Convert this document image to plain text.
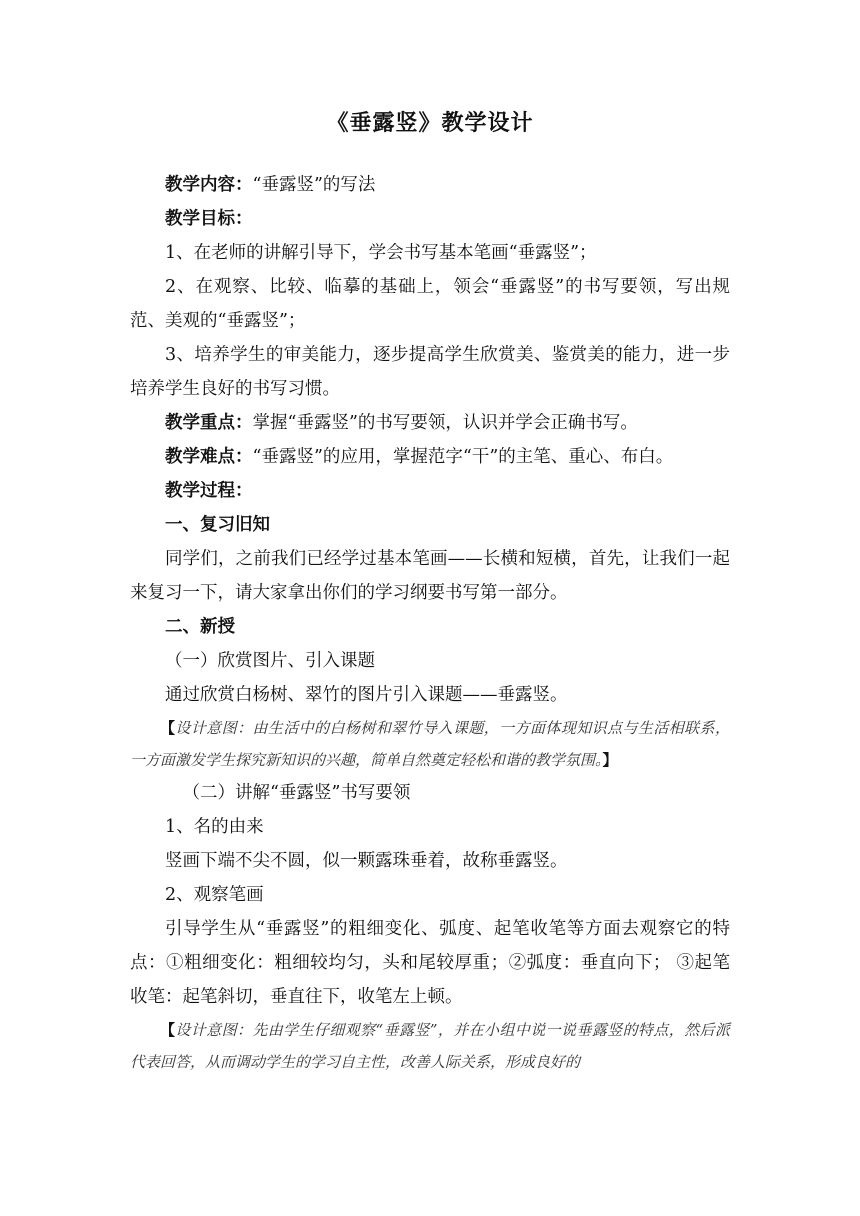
《垂露竖》教学设计

教学内容：“垂露竖”的写法

教学目标：

1、在老师的讲解引导下，学会书写基本笔画“垂露竖”；

2、在观察、比较、临摹的基础上，领会“垂露竖”的书写要领，写出规范、美观的“垂露竖”；

3、培养学生的审美能力，逐步提高学生欣赏美、鉴赏美的能力，进一步培养学生良好的书写习惯。

教学重点：掌握“垂露竖”的书写要领，认识并学会正确书写。

教学难点：“垂露竖”的应用，掌握范字“干”的主笔、重心、布白。

教学过程：

一、复习旧知

同学们，之前我们已经学过基本笔画——长横和短横，首先，让我们一起来复习一下，请大家拿出你们的学习纲要书写第一部分。

二、新授

（一）欣赏图片、引入课题

通过欣赏白杨树、翠竹的图片引入课题——垂露竖。

【设计意图：由生活中的白杨树和翠竹导入课题，一方面体现知识点与生活相联系，一方面激发学生探究新知识的兴趣，简单自然奠定轻松和谐的教学氛围。】

（二）讲解“垂露竖”书写要领

1、名的由来

竖画下端不尖不圆，似一颗露珠垂着，故称垂露竖。

2、观察笔画

引导学生从“垂露竖”的粗细变化、弧度、起笔收笔等方面去观察它的特点：①粗细变化：粗细较均匀，头和尾较厚重；②弧度：垂直向下； ③起笔收笔：起笔斜切，垂直往下，收笔左上顿。

【设计意图：先由学生仔细观察“垂露竖”，并在小组中说一说垂露竖的特点，然后派代表回答，从而调动学生的学习自主性，改善人际关系，形成良好的
